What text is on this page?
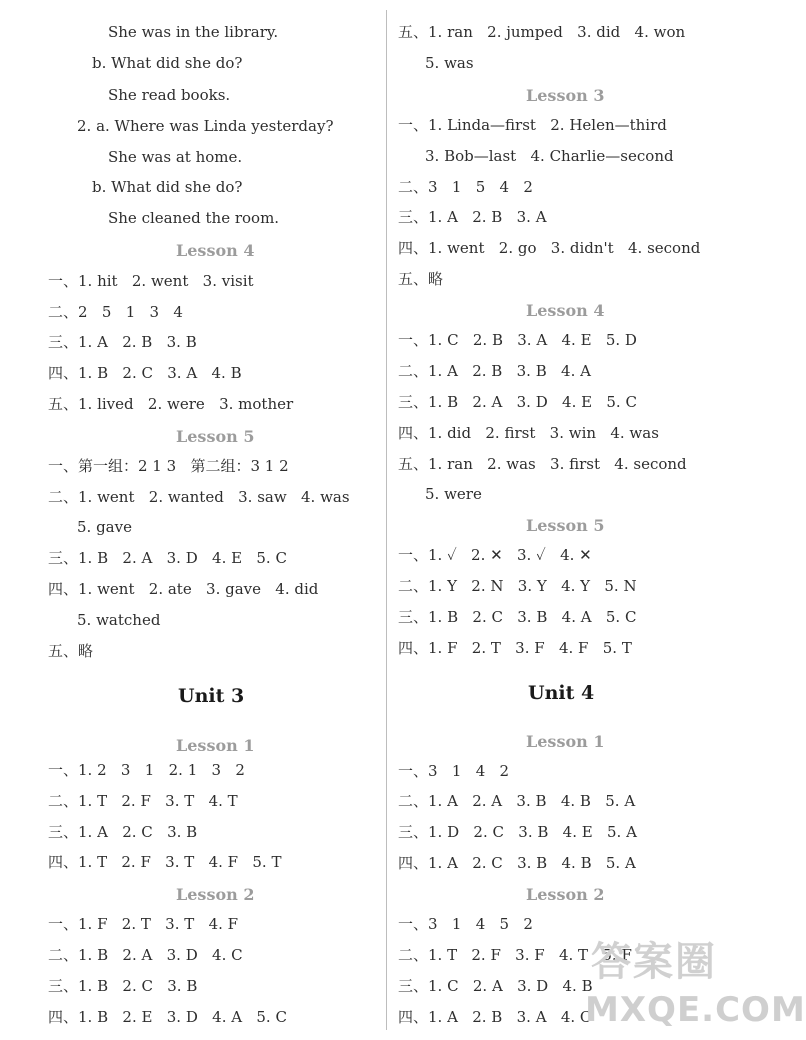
She was in the library.
b. What did she do?
She read books.
2. a. Where was Linda yesterday?
She was at home.
b. What did she do?
She cleaned the room.
Lesson 4
一、1. hit   2. went   3. visit
二、2   5   1   3   4
三、1. A   2. B   3. B
四、1. B   2. C   3. A   4. B
五、1. lived   2. were   3. mother
Lesson 5
一、第一组：2 1 3   第二组：3 1 2
二、1. went   2. wanted   3. saw   4. was
5. gave
三、1. B   2. A   3. D   4. E   5. C
四、1. went   2. ate   3. gave   4. did
5. watched
五、略
Unit 3
Lesson 1
一、1. 2   3   1   2. 1   3   2
二、1. T   2. F   3. T   4. T
三、1. A   2. C   3. B
四、1. T   2. F   3. T   4. F   5. T
Lesson 2
一、1. F   2. T   3. T   4. F
二、1. B   2. A   3. D   4. C
三、1. B   2. C   3. B
四、1. B   2. E   3. D   4. A   5. C
五、1. ran   2. jumped   3. did   4. won
5. was
Lesson 3
一、1. Linda—first   2. Helen—third
3. Bob—last   4. Charlie—second
二、3   1   5   4   2
三、1. A   2. B   3. A
四、1. went   2. go   3. didn't   4. second
五、略
Lesson 4
一、1. C   2. B   3. A   4. E   5. D
二、1. A   2. B   3. B   4. A
三、1. B   2. A   3. D   4. E   5. C
四、1. did   2. first   3. win   4. was
五、1. ran   2. was   3. first   4. second
5. were
Lesson 5
一、1. ✓   2. ✕   3. ✓   4. ✕
二、1. Y   2. N   3. Y   4. Y   5. N
三、1. B   2. C   3. B   4. A   5. C
四、1. F   2. T   3. F   4. F   5. T
Unit 4
Lesson 1
一、3   1   4   2
二、1. A   2. A   3. B   4. B   5. A
三、1. D   2. C   3. B   4. E   5. A
四、1. A   2. C   3. B   4. B   5. A
Lesson 2
一、3   1   4   5   2
二、1. T   2. F   3. F   4. T   5. F
三、1. C   2. A   3. D   4. B
四、1. A   2. B   3. A   4. C
答案圈
MXQE.COM
